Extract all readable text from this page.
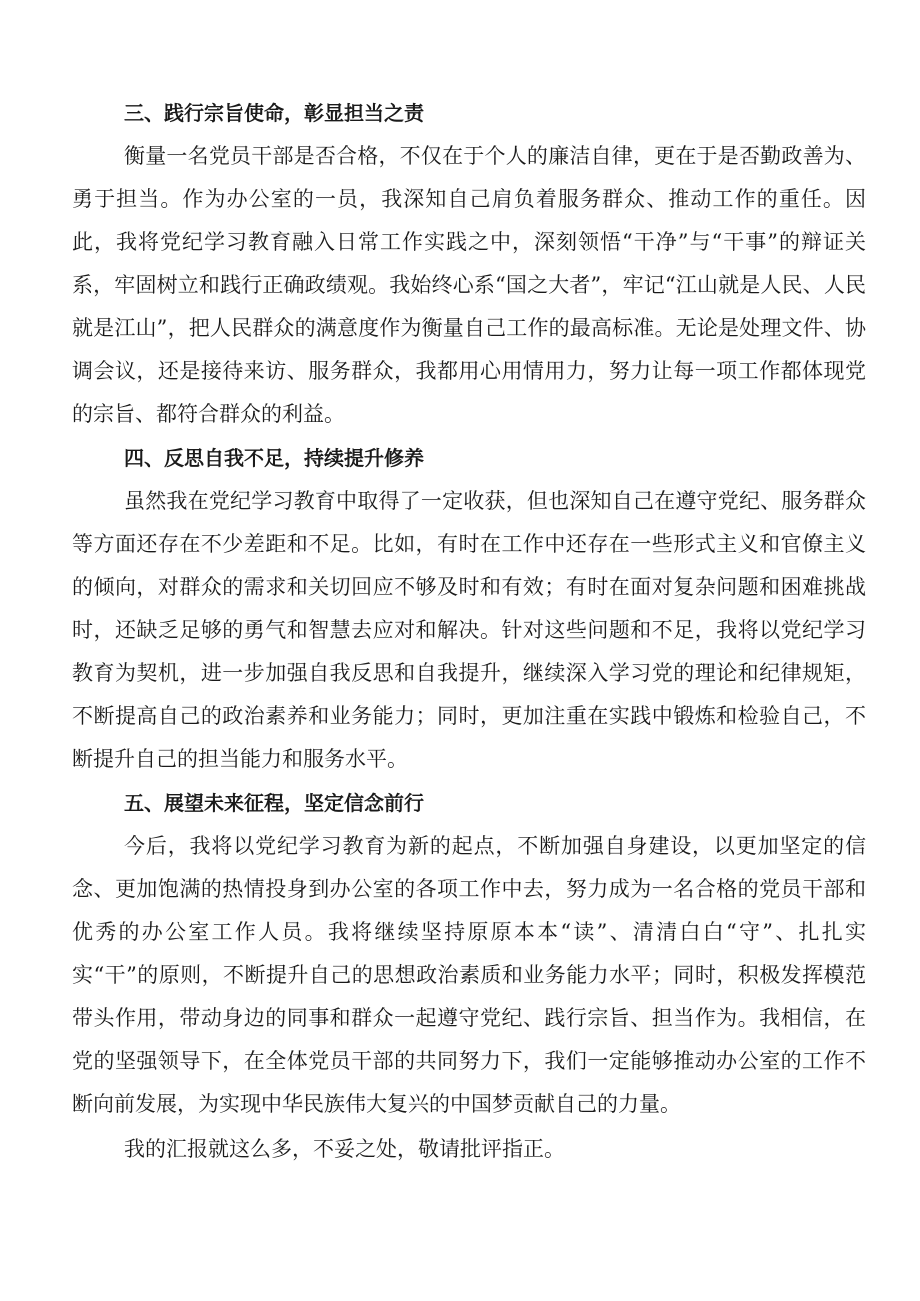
三、践行宗旨使命，彰显担当之责

衡量一名党员干部是否合格，不仅在于个人的廉洁自律，更在于是否勤政善为、勇于担当。作为办公室的一员，我深知自己肩负着服务群众、推动工作的重任。因此，我将党纪学习教育融入日常工作实践之中，深刻领悟“干净”与“干事”的辩证关系，牢固树立和践行正确政绩观。我始终心系“国之大者”，牢记“江山就是人民、人民就是江山”，把人民群众的满意度作为衡量自己工作的最高标准。无论是处理文件、协调会议，还是接待来访、服务群众，我都用心用情用力，努力让每一项工作都体现党的宗旨、都符合群众的利益。

四、反思自我不足，持续提升修养

虽然我在党纪学习教育中取得了一定收获，但也深知自己在遵守党纪、服务群众等方面还存在不少差距和不足。比如，有时在工作中还存在一些形式主义和官僚主义的倾向，对群众的需求和关切回应不够及时和有效；有时在面对复杂问题和困难挑战时，还缺乏足够的勇气和智慧去应对和解决。针对这些问题和不足，我将以党纪学习教育为契机，进一步加强自我反思和自我提升，继续深入学习党的理论和纪律规矩，不断提高自己的政治素养和业务能力；同时，更加注重在实践中锻炼和检验自己，不断提升自己的担当能力和服务水平。

五、展望未来征程，坚定信念前行

今后，我将以党纪学习教育为新的起点，不断加强自身建设，以更加坚定的信念、更加饱满的热情投身到办公室的各项工作中去，努力成为一名合格的党员干部和优秀的办公室工作人员。我将继续坚持原原本本“读”、清清白白“守”、扎扎实实“干”的原则，不断提升自己的思想政治素质和业务能力水平；同时，积极发挥模范带头作用，带动身边的同事和群众一起遵守党纪、践行宗旨、担当作为。我相信，在党的坚强领导下，在全体党员干部的共同努力下，我们一定能够推动办公室的工作不断向前发展，为实现中华民族伟大复兴的中国梦贡献自己的力量。

我的汇报就这么多，不妥之处，敬请批评指正。
